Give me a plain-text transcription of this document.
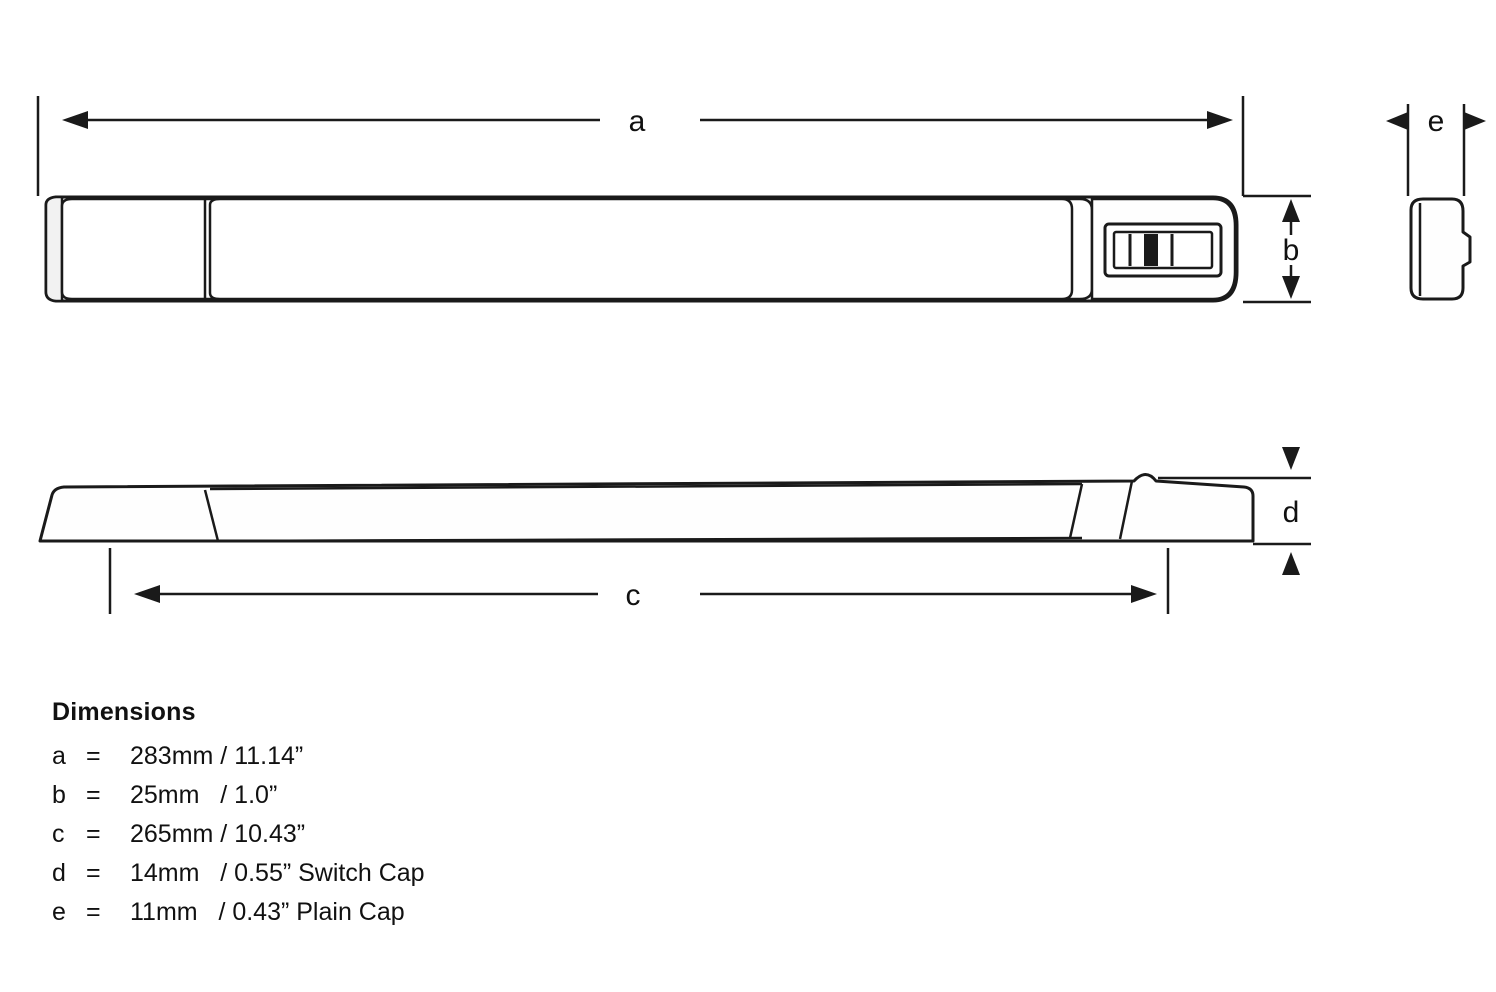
a
b
e
d
c
Dimensions
a =	283mm / 11.14”
b =	25mm   / 1.0”
c =	265mm / 10.43”
d =	14mm   / 0.55” Switch Cap
e =	11mm   / 0.43” Plain Cap
